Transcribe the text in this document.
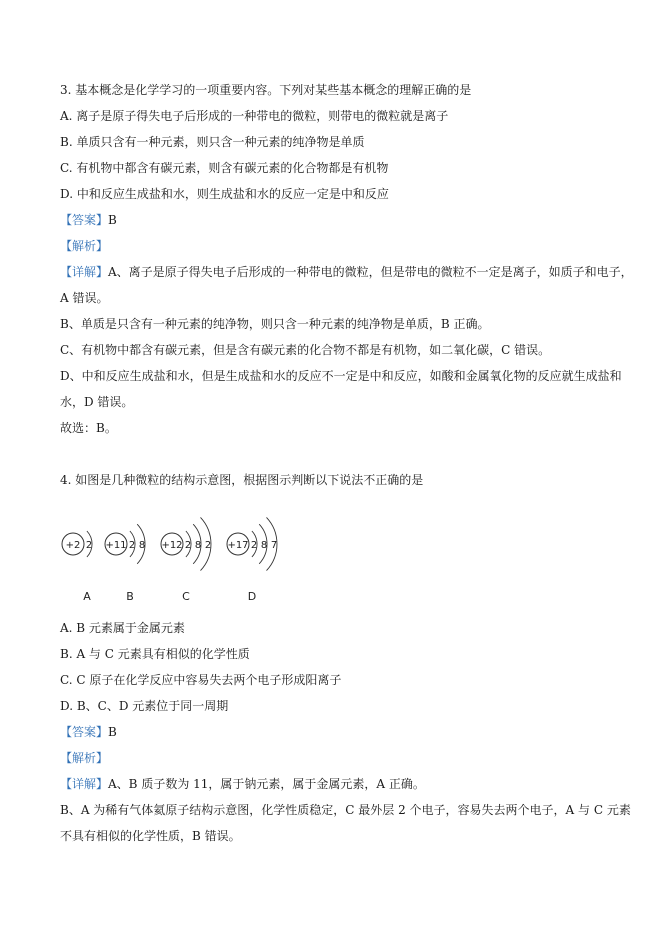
3. 基本概念是化学学习的一项重要内容。下列对某些基本概念的理解正确的是
A. 离子是原子得失电子后形成的一种带电的微粒，则带电的微粒就是离子
B. 单质只含有一种元素，则只含一种元素的纯净物是单质
C. 有机物中都含有碳元素，则含有碳元素的化合物都是有机物
D. 中和反应生成盐和水，则生成盐和水的反应一定是中和反应
【答案】B
【解析】
【详解】A、离子是原子得失电子后形成的一种带电的微粒，但是带电的微粒不一定是离子，如质子和电子，
A 错误。
B、单质是只含有一种元素的纯净物，则只含一种元素的纯净物是单质，B 正确。
C、有机物中都含有碳元素，但是含有碳元素的化合物不都是有机物，如二氧化碳，C 错误。
D、中和反应生成盐和水，但是生成盐和水的反应不一定是中和反应，如酸和金属氧化物的反应就生成盐和
水，D 错误。
故选：B。
4. 如图是几种微粒的结构示意图，根据图示判断以下说法不正确的是
+2 2
A
+11 2 8
B
+12 2 8 2
C
+17 2 8 7
D
A. B 元素属于金属元素
B. A 与 C 元素具有相似的化学性质
C. C 原子在化学反应中容易失去两个电子形成阳离子
D. B、C、D 元素位于同一周期
【答案】B
【解析】
【详解】A、B 质子数为 11，属于钠元素，属于金属元素，A 正确。
B、A 为稀有气体氦原子结构示意图，化学性质稳定，C 最外层 2 个电子，容易失去两个电子，A 与 C 元素
不具有相似的化学性质，B 错误。
